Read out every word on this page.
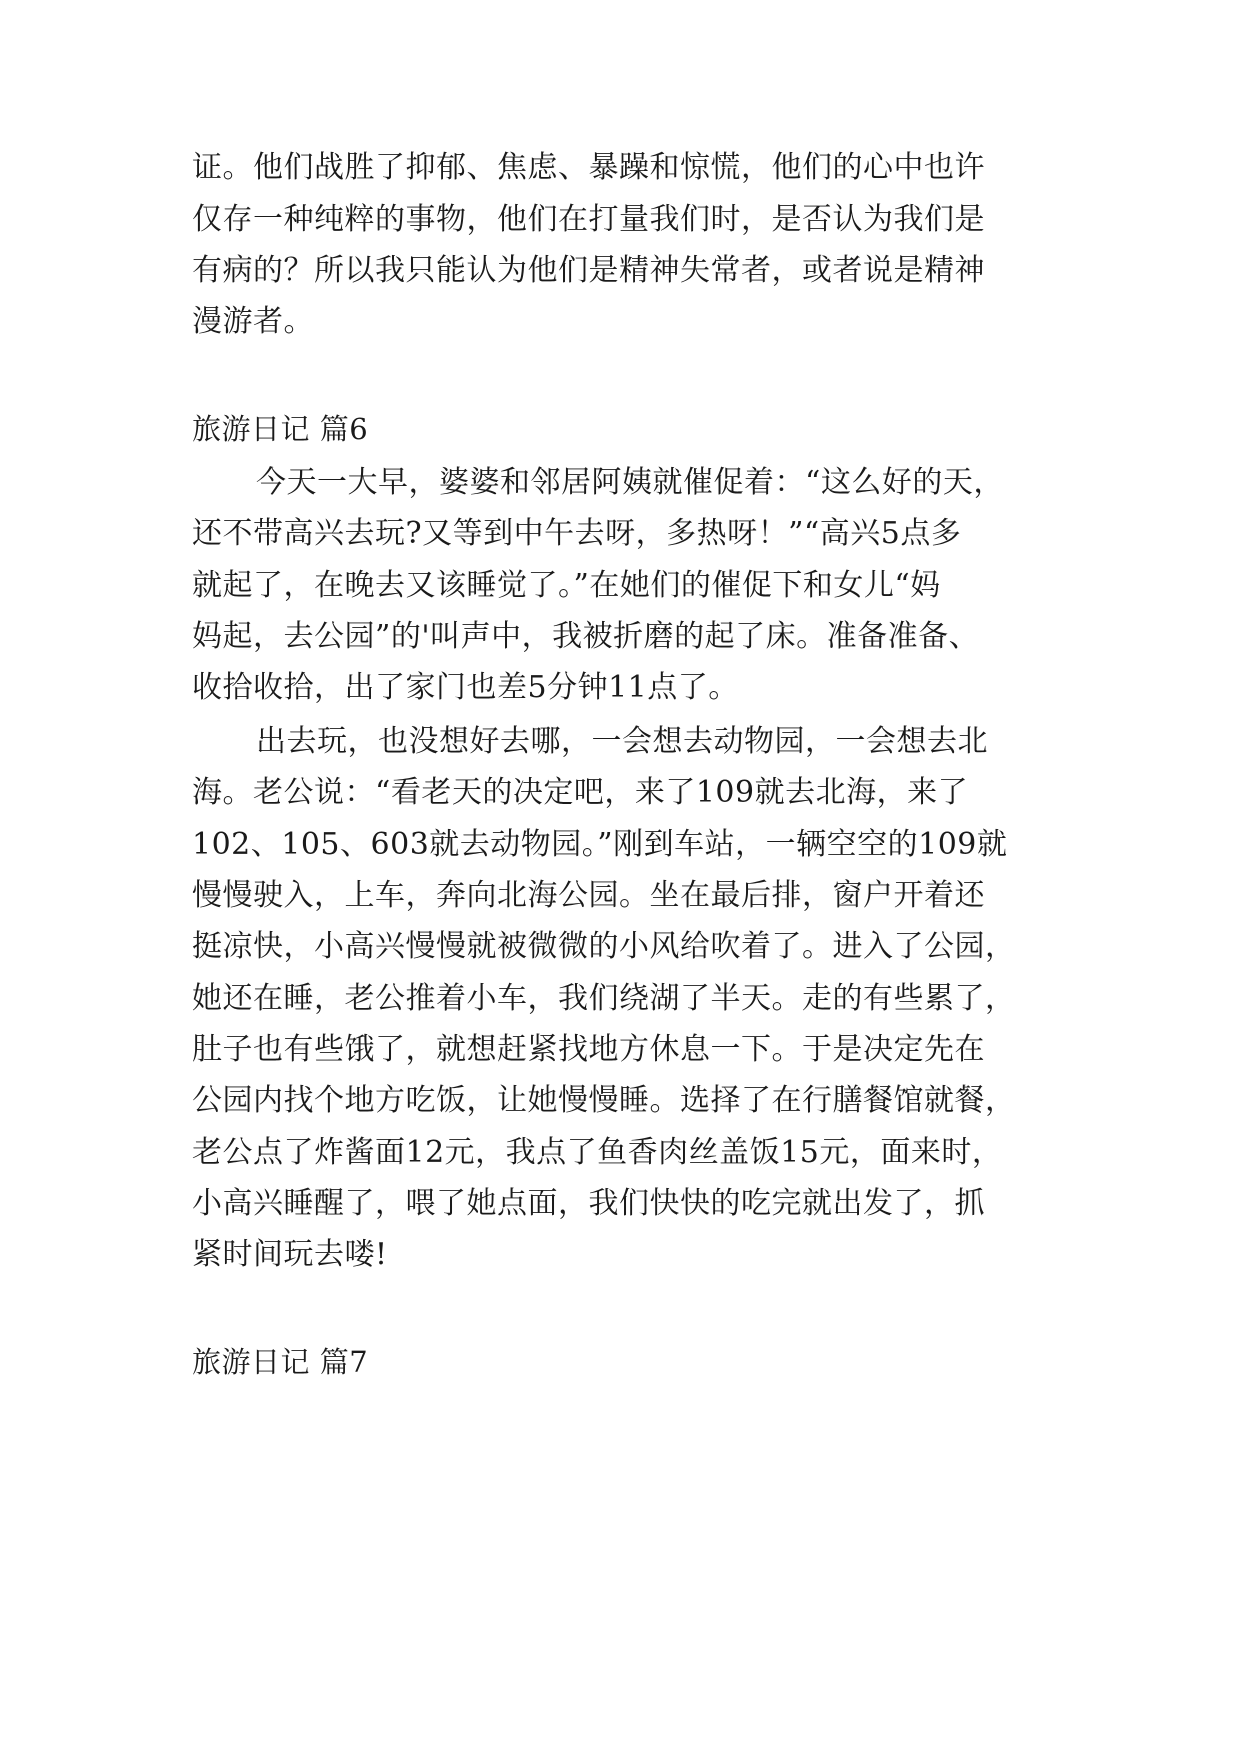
证。他们战胜了抑郁、焦虑、暴躁和惊慌，他们的心中也许
仅存一种纯粹的事物，他们在打量我们时，是否认为我们是
有病的？所以我只能认为他们是精神失常者，或者说是精神
漫游者。
旅游日记 篇6
今天一大早，婆婆和邻居阿姨就催促着：“这么好的天，
还不带高兴去玩?又等到中午去呀，多热呀！”“高兴5点多
就起了，在晚去又该睡觉了。”在她们的催促下和女儿“妈
妈起，去公园”的'叫声中，我被折磨的起了床。准备准备、
收拾收拾，出了家门也差5分钟11点了。
出去玩，也没想好去哪，一会想去动物园，一会想去北
海。老公说：“看老天的决定吧，来了109就去北海，来了
102、105、603就去动物园。”刚到车站，一辆空空的109就
慢慢驶入，上车，奔向北海公园。坐在最后排，窗户开着还
挺凉快，小高兴慢慢就被微微的小风给吹着了。进入了公园，
她还在睡，老公推着小车，我们绕湖了半天。走的有些累了，
肚子也有些饿了，就想赶紧找地方休息一下。于是决定先在
公园内找个地方吃饭，让她慢慢睡。选择了在行膳餐馆就餐，
老公点了炸酱面12元，我点了鱼香肉丝盖饭15元，面来时，
小高兴睡醒了，喂了她点面，我们快快的吃完就出发了，抓
紧时间玩去喽!
旅游日记 篇7
